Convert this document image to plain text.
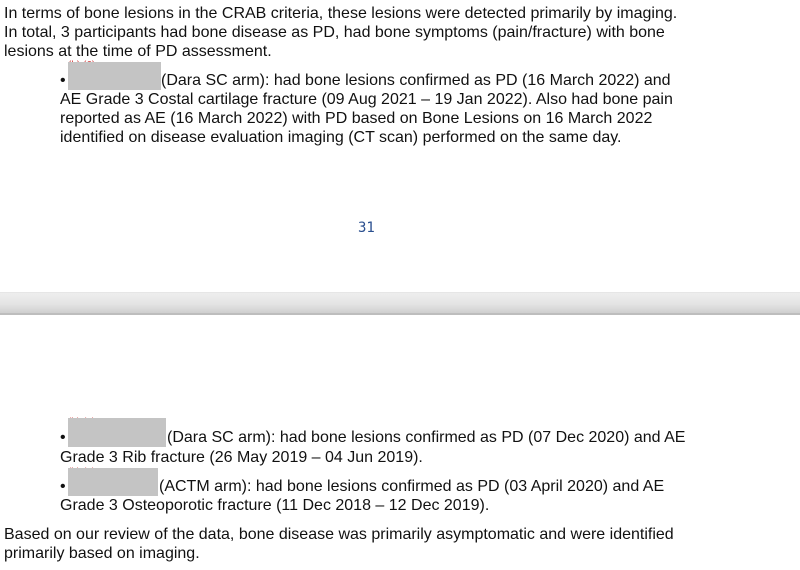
In terms of bone lesions in the CRAB criteria, these lesions were detected primarily by imaging.

In total, 3 participants had bone disease as PD, had bone symptoms (pain/fracture) with bone

lesions at the time of PD assessment.

•	(Dara SC arm): had bone lesions confirmed as PD (16 March 2022) and

AE Grade 3 Costal cartilage fracture (09 Aug 2021 – 19 Jan 2022). Also had bone pain

reported as AE (16 March 2022) with PD based on Bone Lesions on 16 March 2022

identified on disease evaluation imaging (CT scan) performed on the same day.

31
•	(Dara SC arm): had bone lesions confirmed as PD (07 Dec 2020) and AE

Grade 3 Rib fracture (26 May 2019 – 04 Jun 2019).

•	(ACTM arm): had bone lesions confirmed as PD (03 April 2020) and AE

Grade 3 Osteoporotic fracture (11 Dec 2018 – 12 Dec 2019).

Based on our review of the data, bone disease was primarily asymptomatic and were identified

primarily based on imaging.
